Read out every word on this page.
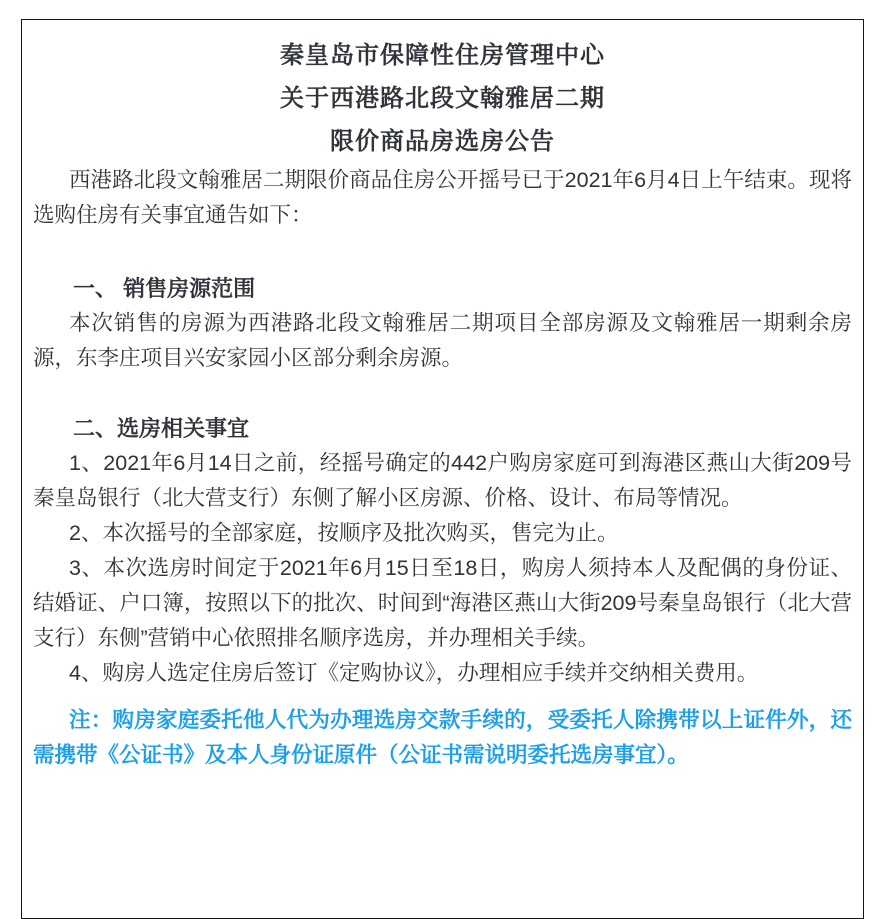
秦皇岛市保障性住房管理中心

关于西港路北段文翰雅居二期

限价商品房选房公告

西港路北段文翰雅居二期限价商品住房公开摇号已于2021年6月4日上午结束。现将选购住房有关事宜通告如下：

一、 销售房源范围

本次销售的房源为西港路北段文翰雅居二期项目全部房源及文翰雅居一期剩余房源，东李庄项目兴安家园小区部分剩余房源。

二、选房相关事宜

1、2021年6月14日之前，经摇号确定的442户购房家庭可到海港区燕山大街209号秦皇岛银行（北大营支行）东侧了解小区房源、价格、设计、布局等情况。

2、本次摇号的全部家庭，按顺序及批次购买，售完为止。

3、本次选房时间定于2021年6月15日至18日，购房人须持本人及配偶的身份证、结婚证、户口簿，按照以下的批次、时间到“海港区燕山大街209号秦皇岛银行（北大营支行）东侧”营销中心依照排名顺序选房，并办理相关手续。

4、购房人选定住房后签订《定购协议》，办理相应手续并交纳相关费用。

注：购房家庭委托他人代为办理选房交款手续的，受委托人除携带以上证件外，还需携带《公证书》及本人身份证原件（公证书需说明委托选房事宜）。
